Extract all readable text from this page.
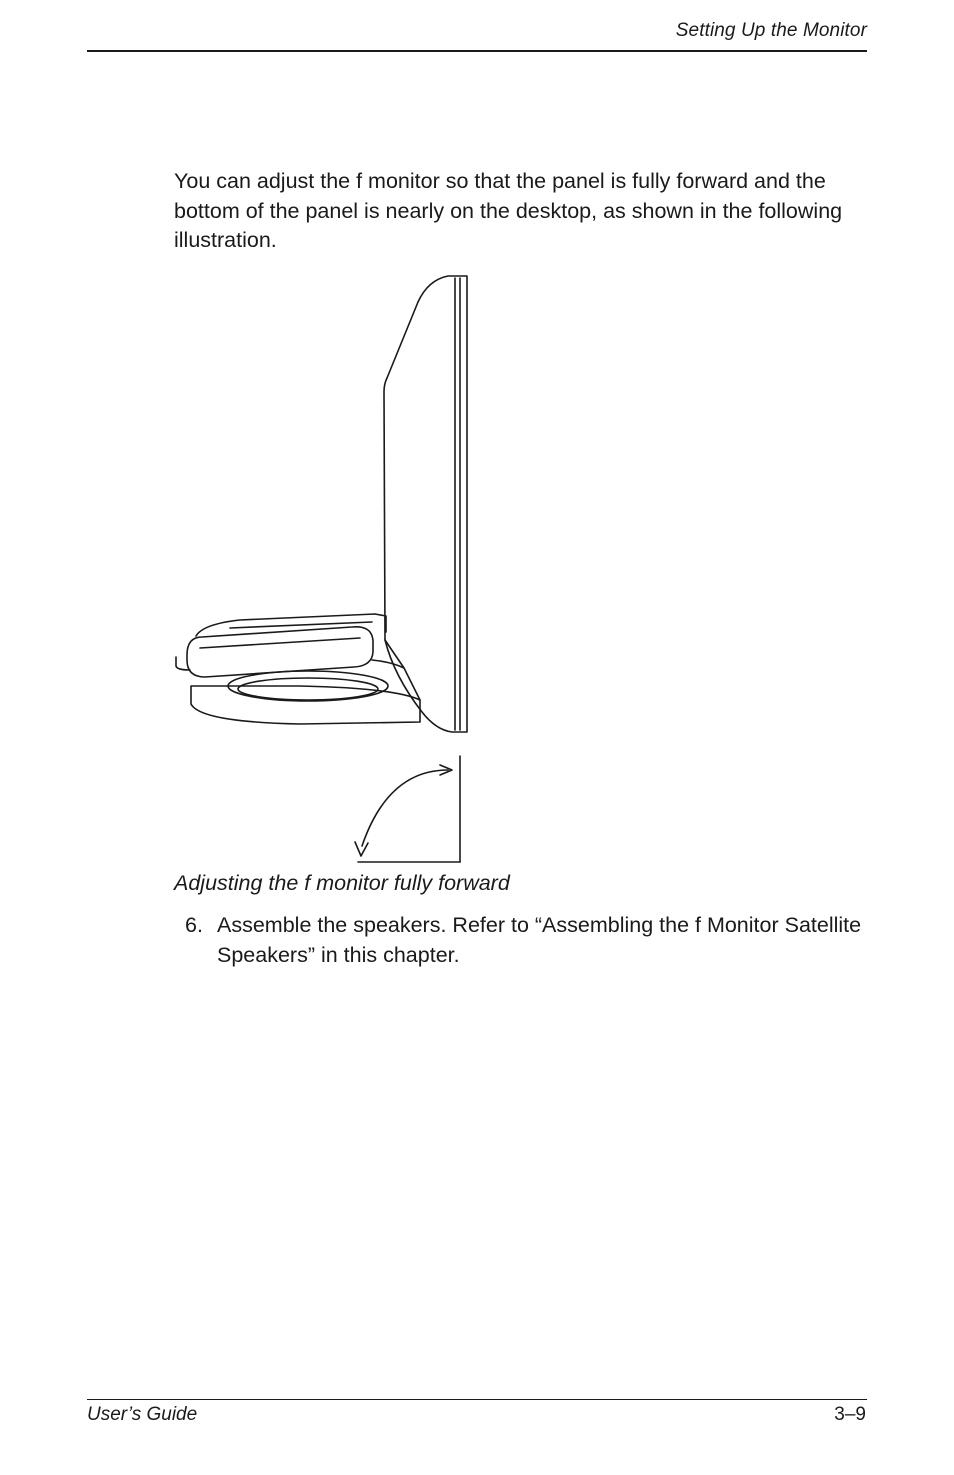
Setting Up the Monitor

You can adjust the f monitor so that the panel is fully forward and the bottom of the panel is nearly on the desktop, as shown in the following illustration.

Adjusting the f monitor fully forward
6. Assemble the speakers. Refer to “Assembling the f Monitor Satellite Speakers” in this chapter.
User’s Guide	3–9
